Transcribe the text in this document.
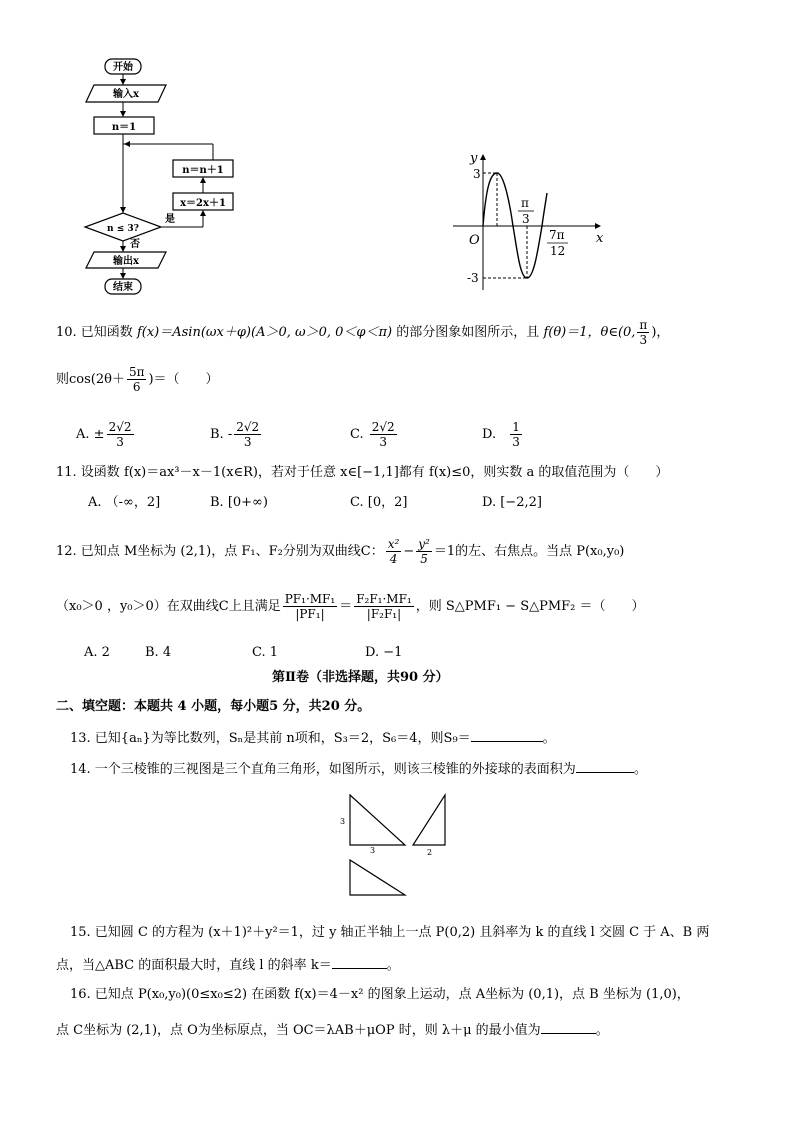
开始
输入x
n＝1
n＝n＋1
x＝2x＋1
n ≤ 3?
是
否
输出x
结束
y
x
O
3
-3
π
3
7π
12
10. 已知函数 f(x)＝Asin(ωx＋φ)(A＞0, ω＞0, 0＜φ＜π) 的部分图象如图所示，且 f(θ)＝1，θ∈(0, $\frac{\pi}{3}$ )，
则$\cos(2\theta+ \frac{5\pi}{6}$ )＝（　　）
A. ± $\frac{2√2}{3}$	B. - $\frac{2√2}{3}$	C. $\frac{2√2}{3}$	D. $\frac{1}{3}$
11. 设函数 f(x)＝ax³－x－1(x∈R)，若对于任意 x∈[−1,1]都有 f(x)≤0，则实数 a 的取值范围为（　　）
A. （-∞，2]	B. [0+∞)	C. [0，2]	D. [−2,2]
12. 已知点 M坐标为 (2,1)，点 F₁、F₂分别为双曲线C： $\frac{\text{x²}}{4} - \frac{\text{y²}}{5} =1$的左、右焦点。当点 P(x₀,y₀)
（x₀＞0 ，y₀＞0）在双曲线C上且满足 $\frac{\text{PF₁·MF₁}}{\text{|PF₁|}} = \frac{\text{F₂F₁·MF₁}}{\text{|F₂F₁|}}$ ，则 S△PMF₁ − S△PMF₂ ＝（　　）
A. 2	B. 4	C. 1	D. −1
第Ⅱ卷（非选择题，共90 分）
二、填空题：本题共 4 小题，每小题5 分，共20 分。
13. 已知{aₙ}为等比数列，Sₙ是其前 n项和，S₃＝2，S₆＝4，则S₉＝	。
14. 一个三棱锥的三视图是三个直角三角形，如图所示，则该三棱锥的外接球的表面积为	。
3
3	2
15. 已知圆 C 的方程为 (x＋1)²＋y²＝1，过 y 轴正半轴上一点 P(0,2) 且斜率为 k 的直线 l 交圆 C 于 A、B 两
点，当△ABC 的面积最大时，直线 l 的斜率 k＝	。
16. 已知点 P(x₀,y₀)(0≤x₀≤2) 在函数 f(x)＝4－x² 的图象上运动，点 A坐标为 (0,1)，点 B 坐标为 (1,0)，
点 C坐标为 (2,1)，点 O为坐标原点，当 OC＝λAB＋μOP 时，则 λ＋μ 的最小值为	。
